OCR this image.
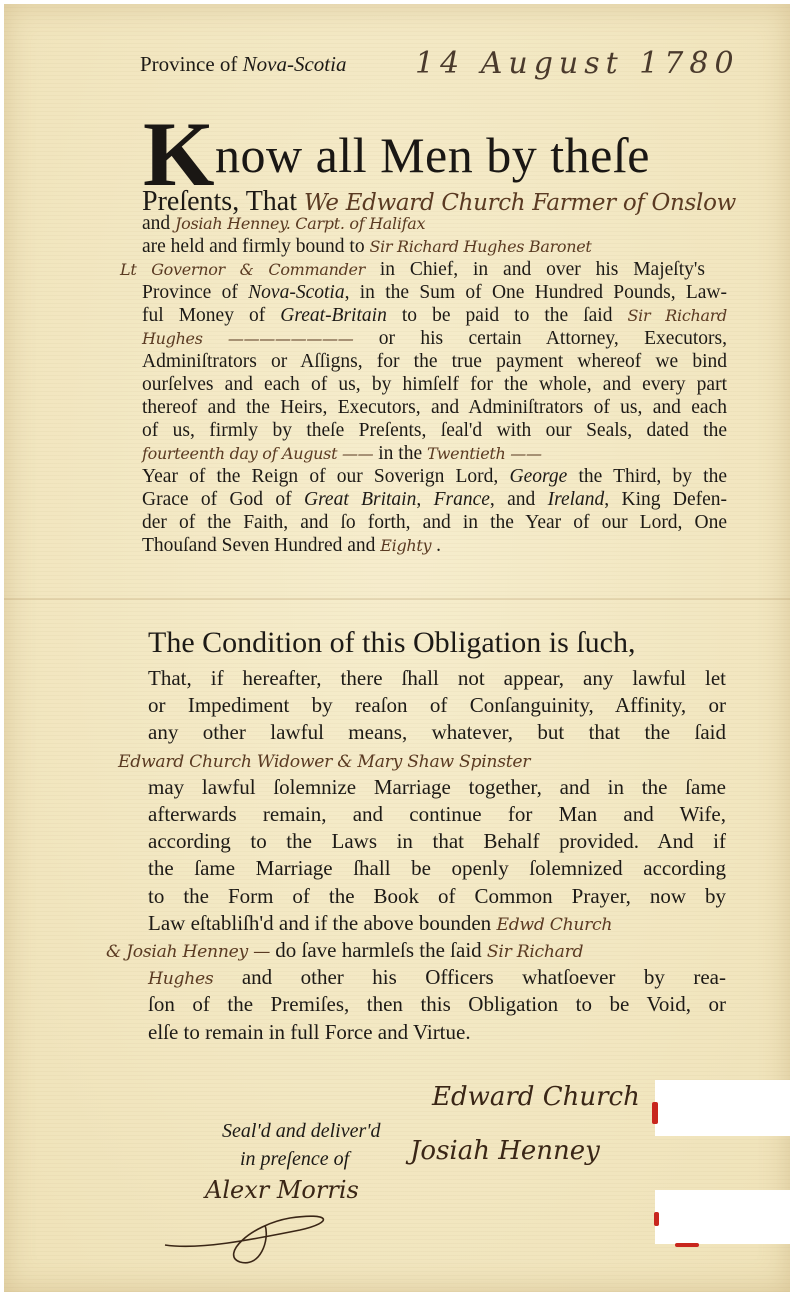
Province of Nova-Scotia 14 August 1780
K now all Men by theſe
Preſents, That We Edward Church Farmer of Onslow
and Josiah Henney. Carpt. of Halifax
are held and firmly bound to Sir Richard Hughes Baronet
Lt Governor & Commander in Chief, in and over his Majeſty's
Province of Nova-Scotia, in the Sum of One Hundred Pounds, Law-
ful Money of Great-Britain to be paid to the ſaid Sir Richard
Hughes ———————— or his certain Attorney, Executors,
Adminiſtrators or Aſſigns, for the true payment whereof we bind
ourſelves and each of us, by himſelf for the whole, and every part
thereof and the Heirs, Executors, and Adminiſtrators of us, and each
of us, firmly by theſe Preſents, ſeal'd with our Seals, dated the
fourteenth day of August —— in the Twentieth ——
Year of the Reign of our Soverign Lord, George the Third, by the
Grace of God of Great Britain, France, and Ireland, King Defen-
der of the Faith, and ſo forth, and in the Year of our Lord, One
Thouſand Seven Hundred and Eighty .
The Condition of this Obligation is ſuch,
That, if hereafter, there ſhall not appear, any lawful let
or Impediment by reaſon of Conſanguinity, Affinity, or
any other lawful means, whatever, but that the ſaid
Edward Church Widower & Mary Shaw Spinster
may lawful ſolemnize Marriage together, and in the ſame
afterwards remain, and continue for Man and Wife,
according to the Laws in that Behalf provided. And if
the ſame Marriage ſhall be openly ſolemnized according
to the Form of the Book of Common Prayer, now by
Law eſtabliſh'd and if the above bounden Edwd Church
& Josiah Henney — do ſave harmleſs the ſaid Sir Richard
Hughes and other his Officers whatſoever by rea-
ſon of the Premiſes, then this Obligation to be Void, or
elſe to remain in full Force and Virtue.
Seal'd and deliver'd
in preſence of
Alexr Morris
Edward Church
Josiah Henney
